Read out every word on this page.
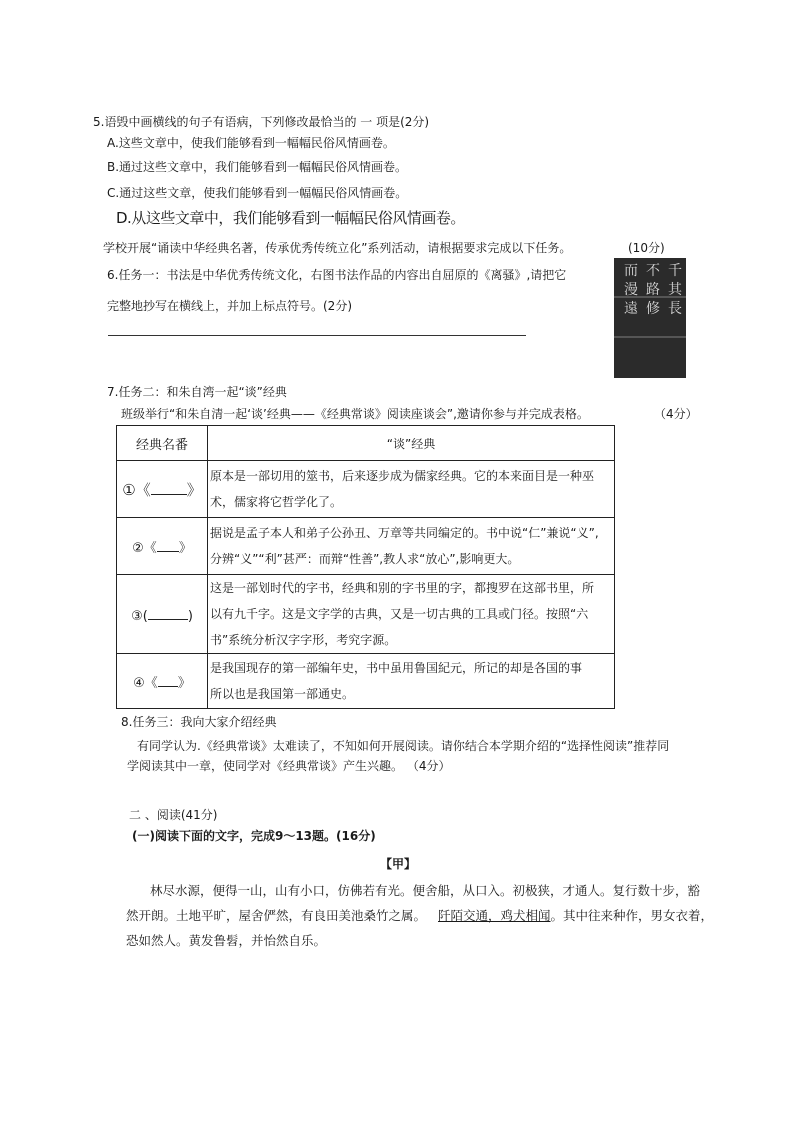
5.语毁中画横线的句子有语病，下列修改最恰当的 一 项是(2分)
A.这些文章中，使我们能够看到一幅幅民俗风情画卷。
B.通过这些文章中，我们能够看到一幅幅民俗风情画卷。
C.通过这些文章，使我们能够看到一幅幅民俗风情画卷。
D.从这些文章中，我们能够看到一幅幅民俗风情画卷。
学校开展“诵读中华经典名著，传承优秀传统立化”系列活动，请根据要求完成以下任务。	(10分)
6.任务一：书法是中华优秀传统文化，右图书法作品的内容出自屈原的《离骚》,请把它
完整地抄写在横线上，并加上标点符号。(2分)
千其長
不路修
而漫遠
7.任务二：和朱自湾一起“谈”经典
班级举行“和朱自清一起‘谈’经典——《经典常谈》阅读座谈会”,邀请你参与并完成表格。	（4分）
经典名番	“谈”经典
①《 》	原本是一部切用的筮书，后来逐步成为儒家经典。它的本来面目是一种巫
术，儒家将它哲学化了。

②《 》	据说是孟子本人和弟子公孙丑、万章等共同编定的。书中说“仁”兼说“义”,
分辨“义”“利”甚严：而辩“性善”,教人求“放心”,影响更大。

③( )	这是一部划时代的字书，经典和别的字书里的字，都搜罗在这部书里，所
以有九千字。这是文字学的古典，又是一切古典的工具或门径。按照“六
书”系统分析汉字字形，考究字源。

④《 》	是我国现存的第一部编年史，书中虽用鲁国紀元，所记的却是各国的事
所以也是我国第一部通史。
8.任务三：我向大家介绍经典
有同学认为.《经典常谈》太难读了，不知如何开展阅读。请你结合本学期介绍的“选择性阅读”推荐同
学阅读其中一章，使同学对《经典常谈》产生兴趣。 （4分）
二 、阅读(41分)
(一)阅读下面的文字，完成9～13题。(16分)
【甲】
林尽水源，便得一山，山有小口，仿佛若有光。便舍船，从口入。初极狭，才通人。复行数十步，豁
然开朗。土地平旷，屋舍俨然，有良田美池桑竹之属。 阡陌交通，鸡犬相闻。其中往来种作，男女衣着，
恐如然人。黄发鲁髫，并怡然自乐。
